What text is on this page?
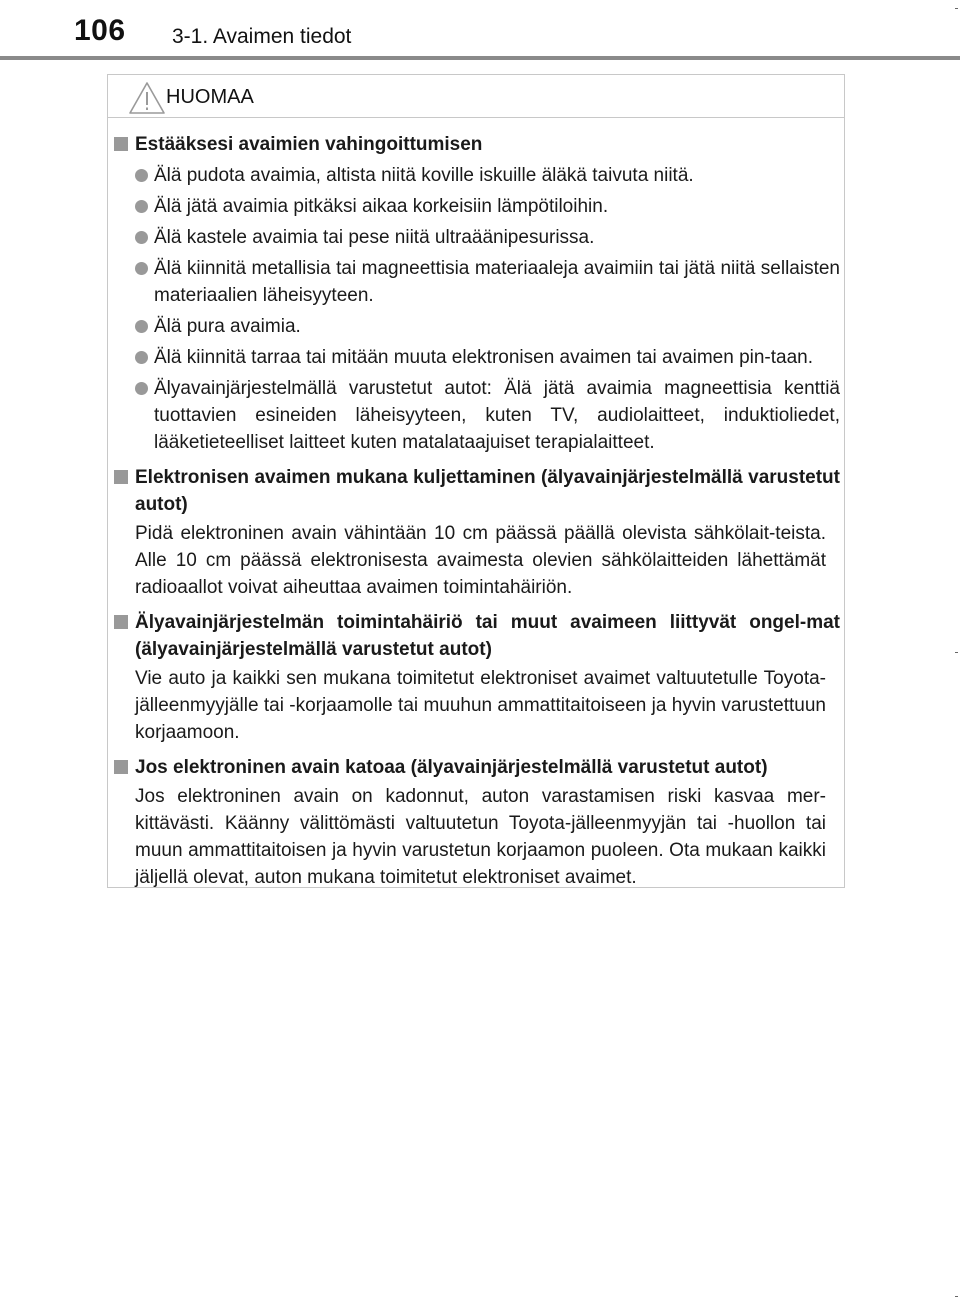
106 3-1. Avaimen tiedot
HUOMAA
Estääksesi avaimien vahingoittumisen
Älä pudota avaimia, altista niitä koville iskuille äläkä taivuta niitä.
Älä jätä avaimia pitkäksi aikaa korkeisiin lämpötiloihin.
Älä kastele avaimia tai pese niitä ultraäänipesurissa.
Älä kiinnitä metallisia tai magneettisia materiaaleja avaimiin tai jätä niitä sellaisten materiaalien läheisyyteen.
Älä pura avaimia.
Älä kiinnitä tarraa tai mitään muuta elektronisen avaimen tai avaimen pin-taan.
Älyavainjärjestelmällä varustetut autot: Älä jätä avaimia magneettisia kenttiä tuottavien esineiden läheisyyteen, kuten TV, audiolaitteet, induktioliedet, lääketieteelliset laitteet kuten matalataajuiset terapialaitteet.
Elektronisen avaimen mukana kuljettaminen (älyavainjärjestelmällä varustetut autot)
Pidä elektroninen avain vähintään 10 cm päässä päällä olevista sähkölait-teista. Alle 10 cm päässä elektronisesta avaimesta olevien sähkölaitteiden lähettämät radioaallot voivat aiheuttaa avaimen toimintahäiriön.
Älyavainjärjestelmän toimintahäiriö tai muut avaimeen liittyvät ongel-mat (älyavainjärjestelmällä varustetut autot)
Vie auto ja kaikki sen mukana toimitetut elektroniset avaimet valtuutetulle Toyota-jälleenmyyjälle tai -korjaamolle tai muuhun ammattitaitoiseen ja hyvin varustettuun korjaamoon.
Jos elektroninen avain katoaa (älyavainjärjestelmällä varustetut autot)
Jos elektroninen avain on kadonnut, auton varastamisen riski kasvaa mer-kittävästi. Käänny välittömästi valtuutetun Toyota-jälleenmyyjän tai -huollon tai muun ammattitaitoisen ja hyvin varustetun korjaamon puoleen. Ota mukaan kaikki jäljellä olevat, auton mukana toimitetut elektroniset avaimet.
